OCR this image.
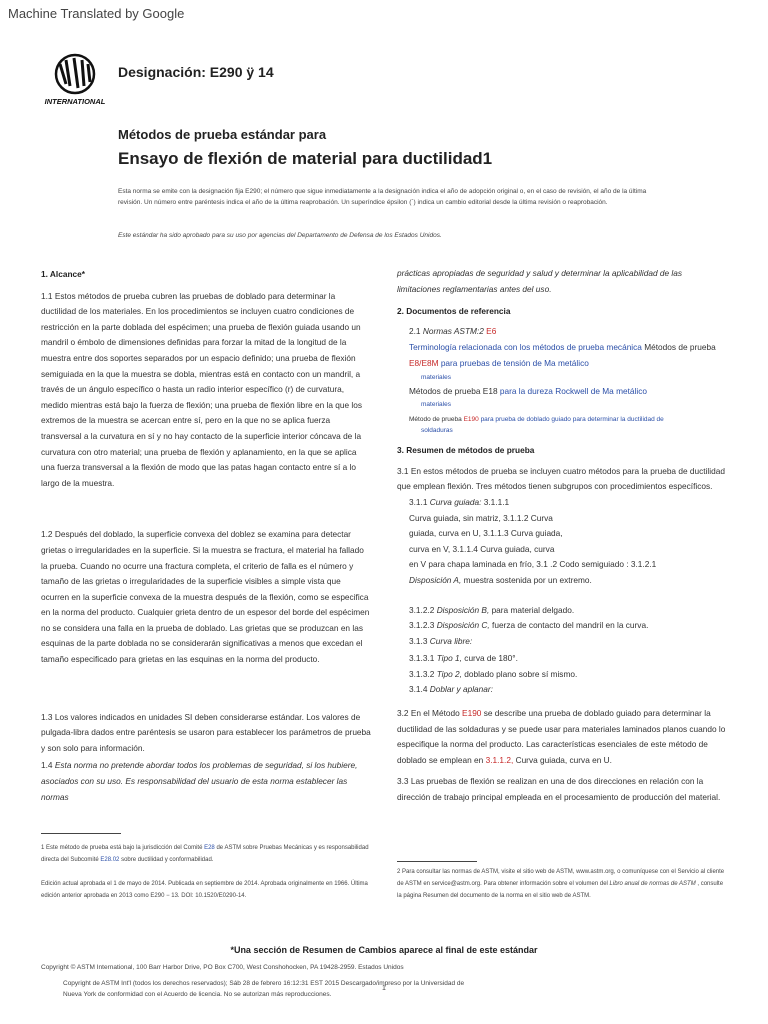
Machine Translated by Google
INTERNATIONAL
Designación: E290 ÿ 14
Métodos de prueba estándar para
Ensayo de flexión de material para ductilidad1
Esta norma se emite con la designación fija E290; el número que sigue inmediatamente a la designación indica el año de adopción original o, en el caso de revisión, el año de la última revisión. Un número entre paréntesis indica el año de la última reaprobación. Un superíndice épsilon (´) indica un cambio editorial desde la última revisión o reaprobación.
Este estándar ha sido aprobado para su uso por agencias del Departamento de Defensa de los Estados Unidos.
1. Alcance*
1.1 Estos métodos de prueba cubren las pruebas de doblado para determinar la ductilidad de los materiales. En los procedimientos se incluyen cuatro condiciones de restricción en la parte doblada del espécimen; una prueba de flexión guiada usando un mandril o émbolo de dimensiones definidas para forzar la mitad de la longitud de la muestra entre dos soportes separados por un espacio definido; una prueba de flexión semiguiada en la que la muestra se dobla, mientras está en contacto con un mandril, a través de un ángulo específico o hasta un radio interior específico (r) de curvatura, medido mientras está bajo la fuerza de flexión; una prueba de flexión libre en la que los extremos de la muestra se acercan entre sí, pero en la que no se aplica fuerza transversal a la curvatura en sí y no hay contacto de la superficie interior cóncava de la curvatura con otro material; una prueba de flexión y aplanamiento, en la que se aplica una fuerza transversal a la flexión de modo que las patas hagan contacto entre sí a lo largo de la muestra.
1.2 Después del doblado, la superficie convexa del doblez se examina para detectar grietas o irregularidades en la superficie. Si la muestra se fractura, el material ha fallado la prueba. Cuando no ocurre una fractura completa, el criterio de falla es el número y tamaño de las grietas o irregularidades de la superficie visibles a simple vista que ocurren en la superficie convexa de la muestra después de la flexión, como se especifica en la norma del producto. Cualquier grieta dentro de un espesor del borde del espécimen no se considera una falla en la prueba de doblado. Las grietas que se produzcan en las esquinas de la parte doblada no se considerarán significativas a menos que excedan el tamaño especificado para grietas en las esquinas en la norma del producto.
1.3 Los valores indicados en unidades SI deben considerarse estándar. Los valores de pulgada-libra dados entre paréntesis se usaron para establecer los parámetros de prueba y son solo para información.
1.4 Esta norma no pretende abordar todos los problemas de seguridad, si los hubiere, asociados con su uso. Es responsabilidad del usuario de esta norma establecer las normas
1 Este método de prueba está bajo la jurisdicción del Comité E28 de ASTM sobre Pruebas Mecánicas y es responsabilidad directa del Subcomité E28.02 sobre ductilidad y conformabilidad.
Edición actual aprobada el 1 de mayo de 2014. Publicada en septiembre de 2014. Aprobada originalmente en 1966. Última edición anterior aprobada en 2013 como E290 − 13. DOI: 10.1520/E0290-14.
prácticas apropiadas de seguridad y salud y determinar la aplicabilidad de las limitaciones reglamentarias antes del uso.
2. Documentos de referencia
2.1 Normas ASTM:2 E6
Terminología relacionada con los métodos de prueba mecánica Métodos de prueba E8/E8M para pruebas de tensión de Ma metálico
materiales
Métodos de prueba E18 para la dureza Rockwell de Ma metálico
materiales
Método de prueba E190 para prueba de doblado guiado para determinar la ductilidad de
soldaduras
3. Resumen de métodos de prueba
3.1 En estos métodos de prueba se incluyen cuatro métodos para la prueba de ductilidad que emplean flexión. Tres métodos tienen subgrupos con procedimientos específicos.
3.1.1 Curva guiada: 3.1.1.1
Curva guiada, sin matriz, 3.1.1.2 Curva
guiada, curva en U, 3.1.1.3 Curva guiada,
curva en V, 3.1.1.4 Curva guiada, curva
en V para chapa laminada en frío, 3.1 .2 Codo semiguiado : 3.1.2.1
Disposición A, muestra sostenida por un extremo.
3.1.2.2 Disposición B, para material delgado.
3.1.2.3 Disposición C, fuerza de contacto del mandril en la curva.
3.1.3 Curva libre:
3.1.3.1 Tipo 1, curva de 180°.
3.1.3.2 Tipo 2, doblado plano sobre sí mismo.
3.1.4 Doblar y aplanar:
3.2 En el Método E190 se describe una prueba de doblado guiado para determinar la ductilidad de las soldaduras y se puede usar para materiales laminados planos cuando lo especifique la norma del producto. Las características esenciales de este método de doblado se emplean en 3.1.1.2, Curva guiada, curva en U.
3.3 Las pruebas de flexión se realizan en una de dos direcciones en relación con la dirección de trabajo principal empleada en el procesamiento de producción del material.
2 Para consultar las normas de ASTM, visite el sitio web de ASTM, www.astm.org, o comuníquese con el Servicio al cliente de ASTM en service@astm.org. Para obtener información sobre el volumen del Libro anual de normas de ASTM , consulte la página Resumen del documento de la norma en el sitio web de ASTM.
*Una sección de Resumen de Cambios aparece al final de este estándar
Copyright © ASTM International, 100 Barr Harbor Drive, PO Box C700, West Conshohocken, PA 19428-2959. Estados Unidos
Copyright de ASTM Int'l (todos los derechos reservados); Sáb 28 de febrero 16:12:31 EST 2015 Descargado/impreso por la Universidad de Nueva York de conformidad con el Acuerdo de licencia. No se autorizan más reproducciones.
1
